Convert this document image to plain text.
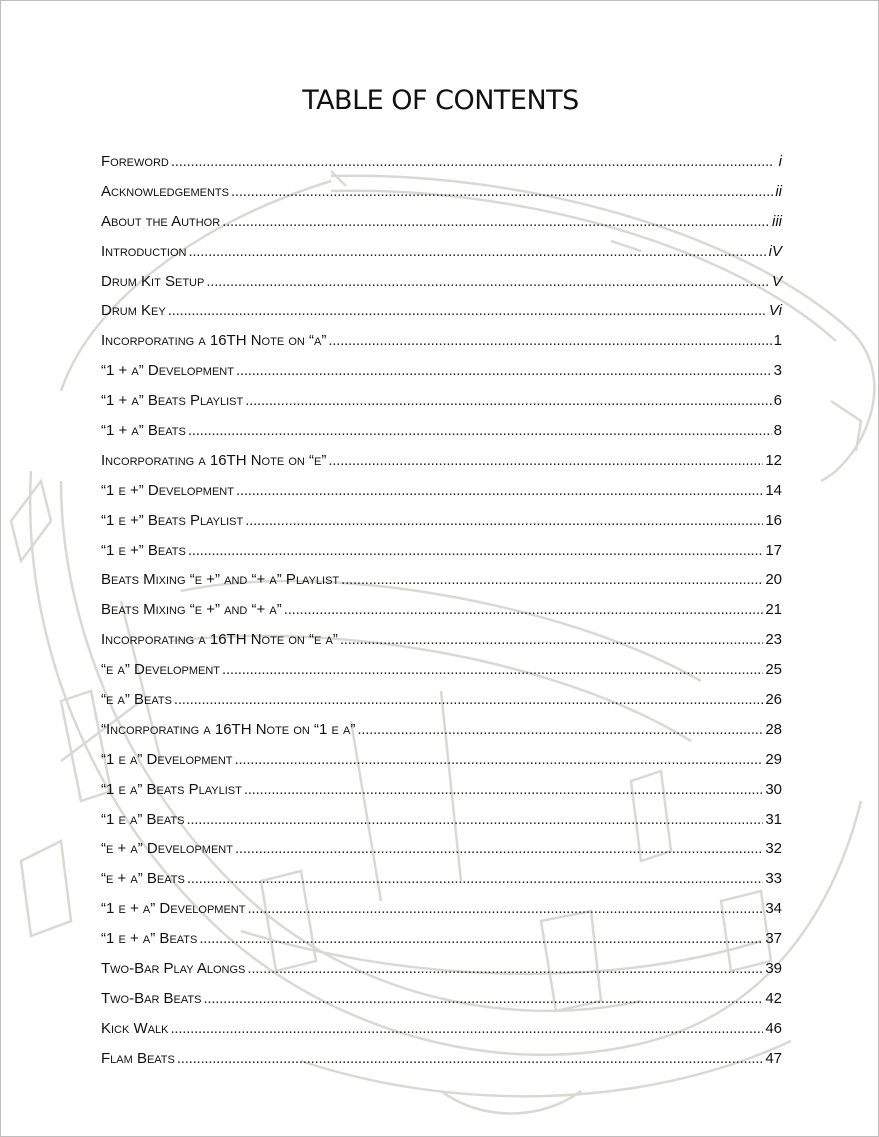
TABLE OF CONTENTS
Foreword . . .	i
Acknowledgements . . .	ii
About the Author . . .	iii
Introduction . . .	iV
Drum Kit Setup . . .	V
Drum Key . . .	Vi
Incorporating a 16TH Note on “a” . . .	1
“1 + a” Development . . .	3
“1 + a” Beats Playlist . . .	6
“1 + a” Beats . . .	8
Incorporating a 16TH Note on “e” . . .	12
“1 e +” Development . . .	14
“1 e +” Beats Playlist . . .	16
“1 e +” Beats . . .	17
Beats Mixing “e +” and “+ a” Playlist . . .	20
Beats Mixing “e +” and “+ a” . . .	21
Incorporating a 16TH Note on “e a” . . .	23
“e a” Development . . .	25
“e a” Beats . . .	26
“Incorporating a 16TH Note on “1 e a” . . .	28
“1 e a” Development . . .	29
“1 e a” Beats Playlist . . .	30
“1 e a” Beats . . .	31
“e + a” Development . . .	32
“e + a” Beats . . .	33
“1 e + a” Development . . .	34
“1 e + a” Beats . . .	37
Two-Bar Play Alongs . . .	39
Two-Bar Beats . . .	42
Kick Walk . . .	46
Flam Beats . . .	47
